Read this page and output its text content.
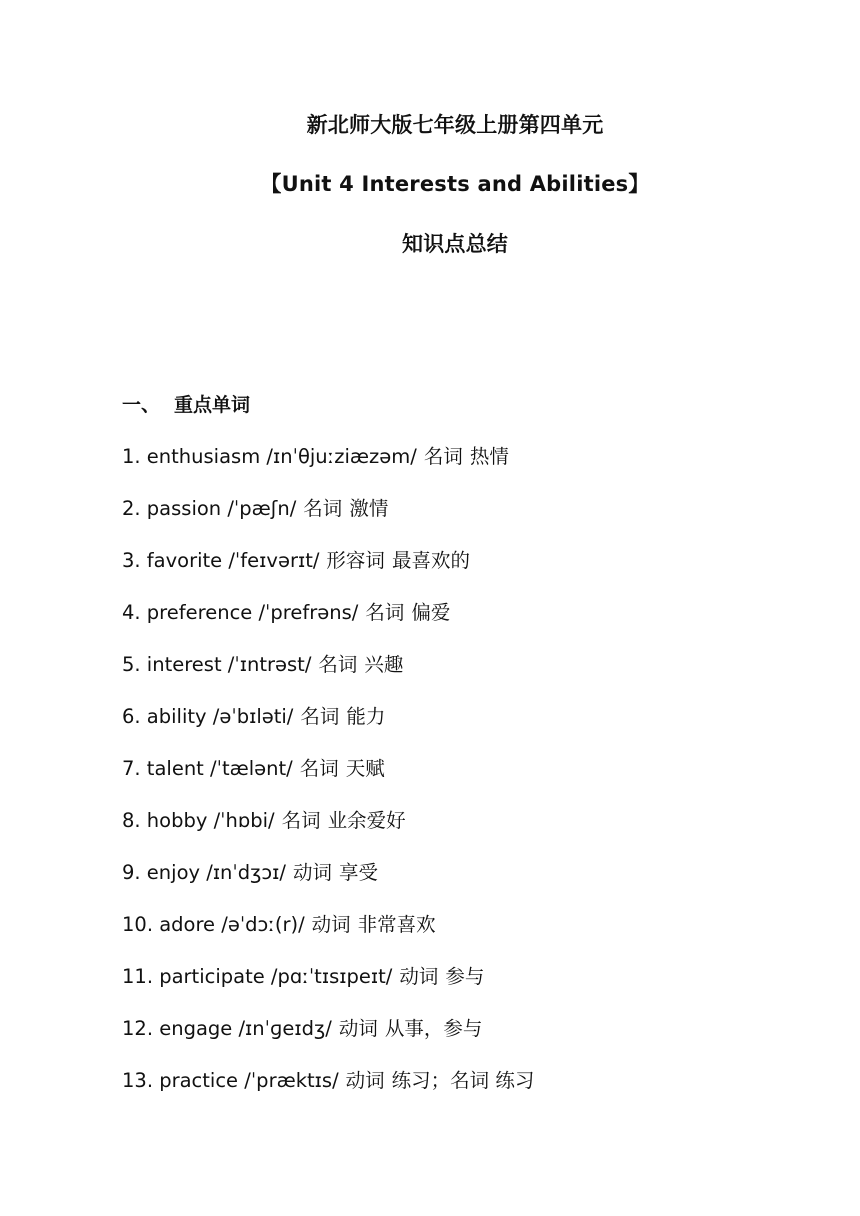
新北师大版七年级上册第四单元
【Unit 4 Interests and Abilities】
知识点总结
一、 重点单词
1. enthusiasm /ɪnˈθjuːziæzəm/ 名词 热情
2. passion /ˈpæʃn/ 名词 激情
3. favorite /ˈfeɪvərɪt/ 形容词 最喜欢的
4. preference /ˈprefrəns/ 名词 偏爱
5. interest /ˈɪntrəst/ 名词 兴趣
6. ability /əˈbɪləti/ 名词 能力
7. talent /ˈtælənt/ 名词 天赋
8. hobby /ˈhɒbi/ 名词 业余爱好
9. enjoy /ɪnˈdʒɔɪ/ 动词 享受
10. adore /əˈdɔː(r)/ 动词 非常喜欢
11. participate /pɑːˈtɪsɪpeɪt/ 动词 参与
12. engage /ɪnˈɡeɪdʒ/ 动词 从事，参与
13. practice /ˈpræktɪs/ 动词 练习；名词 练习
